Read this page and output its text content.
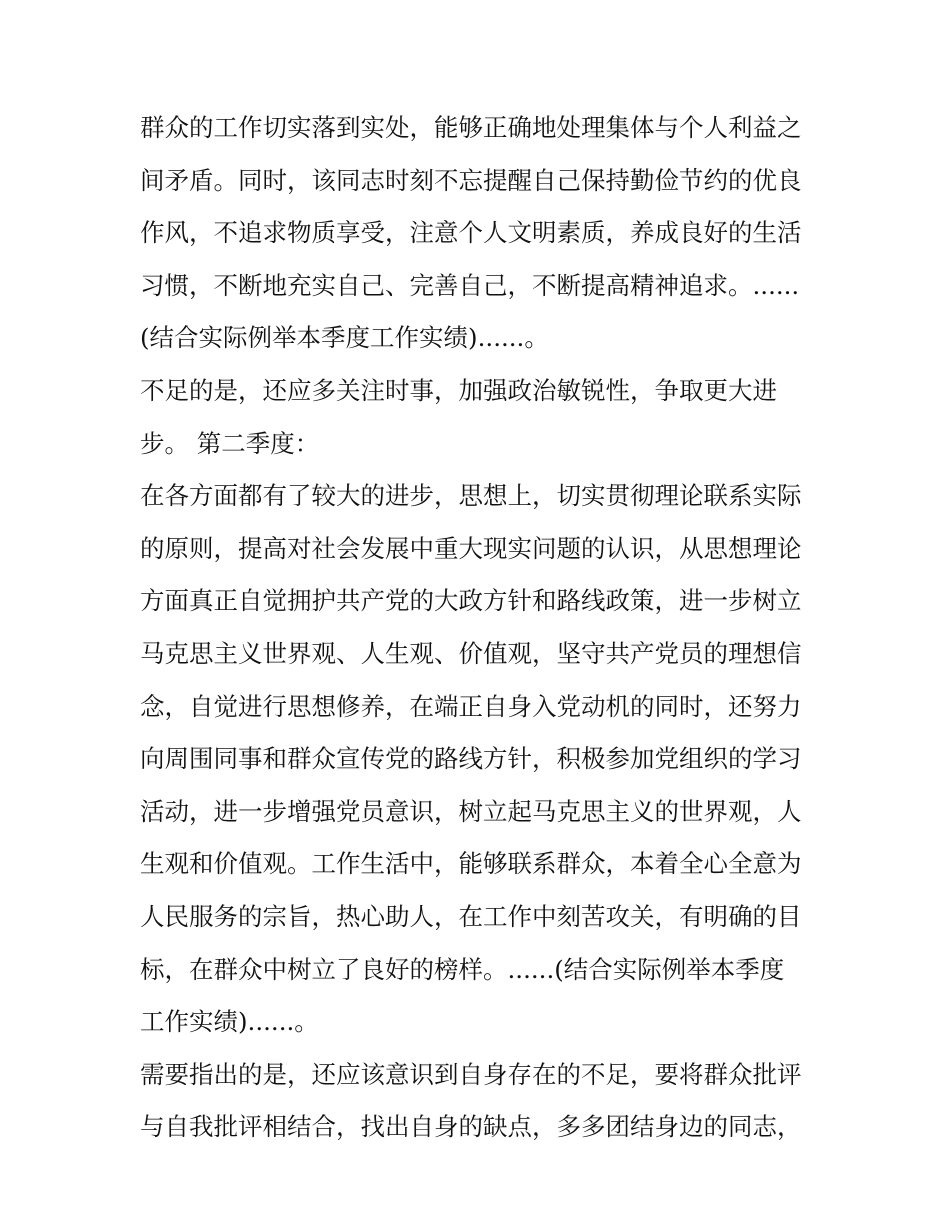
群众的工作切实落到实处，能够正确地处理集体与个人利益之
间矛盾。同时，该同志时刻不忘提醒自己保持勤俭节约的优良
作风，不追求物质享受，注意个人文明素质，养成良好的生活
习惯，不断地充实自己、完善自己，不断提高精神追求。......
(结合实际例举本季度工作实绩)......。
不足的是，还应多关注时事，加强政治敏锐性，争取更大进
步。 第二季度：
在各方面都有了较大的进步，思想上，切实贯彻理论联系实际
的原则，提高对社会发展中重大现实问题的认识，从思想理论
方面真正自觉拥护共产党的大政方针和路线政策，进一步树立
马克思主义世界观、人生观、价值观，坚守共产党员的理想信
念，自觉进行思想修养，在端正自身入党动机的同时，还努力
向周围同事和群众宣传党的路线方针，积极参加党组织的学习
活动，进一步增强党员意识，树立起马克思主义的世界观，人
生观和价值观。工作生活中，能够联系群众，本着全心全意为
人民服务的宗旨，热心助人，在工作中刻苦攻关，有明确的目
标，在群众中树立了良好的榜样。......(结合实际例举本季度
工作实绩)......。
需要指出的是，还应该意识到自身存在的不足，要将群众批评
与自我批评相结合，找出自身的缺点，多多团结身边的同志，
